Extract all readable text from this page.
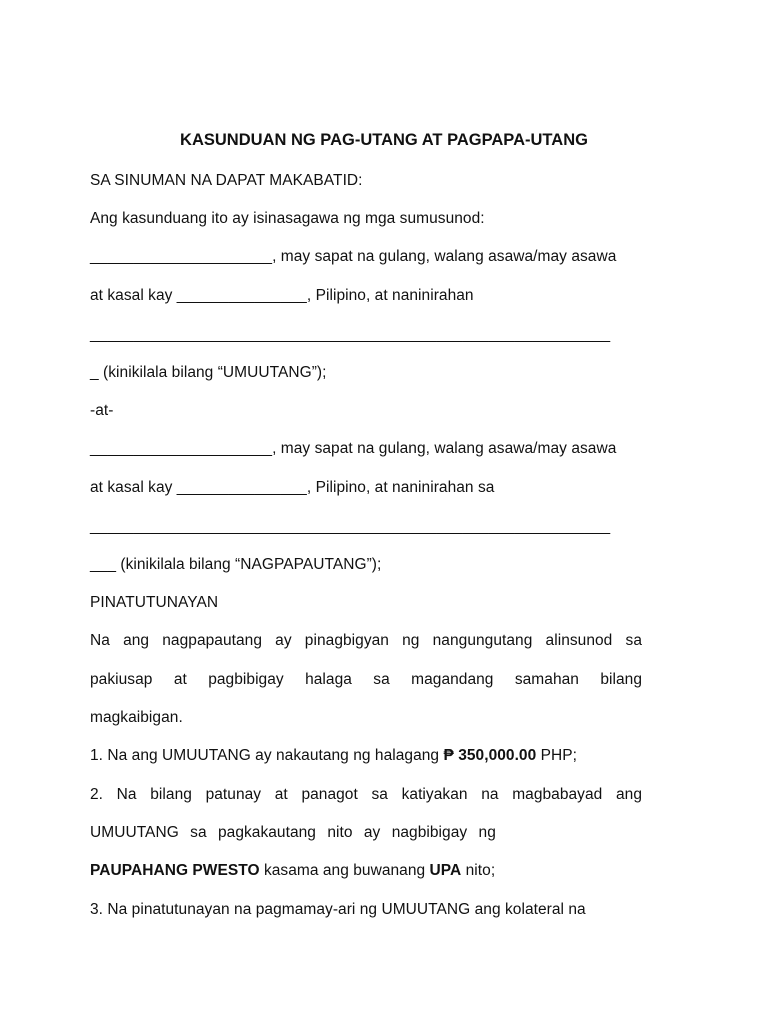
KASUNDUAN NG PAG-UTANG AT PAGPAPA-UTANG
SA SINUMAN NA DAPAT MAKABATID:
Ang kasunduang ito ay isinasagawa ng mga sumusunod:
_____________________, may sapat na gulang, walang asawa/may asawa
at kasal kay _______________, Pilipino, at naninirahan
____________________________________________________________
_ (kinikilala bilang “UMUUTANG”);
-at-
_____________________, may sapat na gulang, walang asawa/may asawa
at kasal kay _______________, Pilipino, at naninirahan sa
____________________________________________________________
___ (kinikilala bilang “NAGPAPAUTANG”);
PINATUTUNAYAN
Na ang nagpapautang ay pinagbigyan ng nangungutang alinsunod sa
pakiusap at pagbibigay halaga sa magandang samahan bilang
magkaibigan.
1. Na ang UMUUTANG ay nakautang ng halagang ₱ 350,000.00 PHP;
2. Na bilang patunay at panagot sa katiyakan na magbabayad ang
UMUUTANG sa pagkakautang nito ay nagbibigay ng
PAUPAHANG PWESTO kasama ang buwanang UPA nito;
3. Na pinatutunayan na pagmamay-ari ng UMUUTANG ang kolateral na
